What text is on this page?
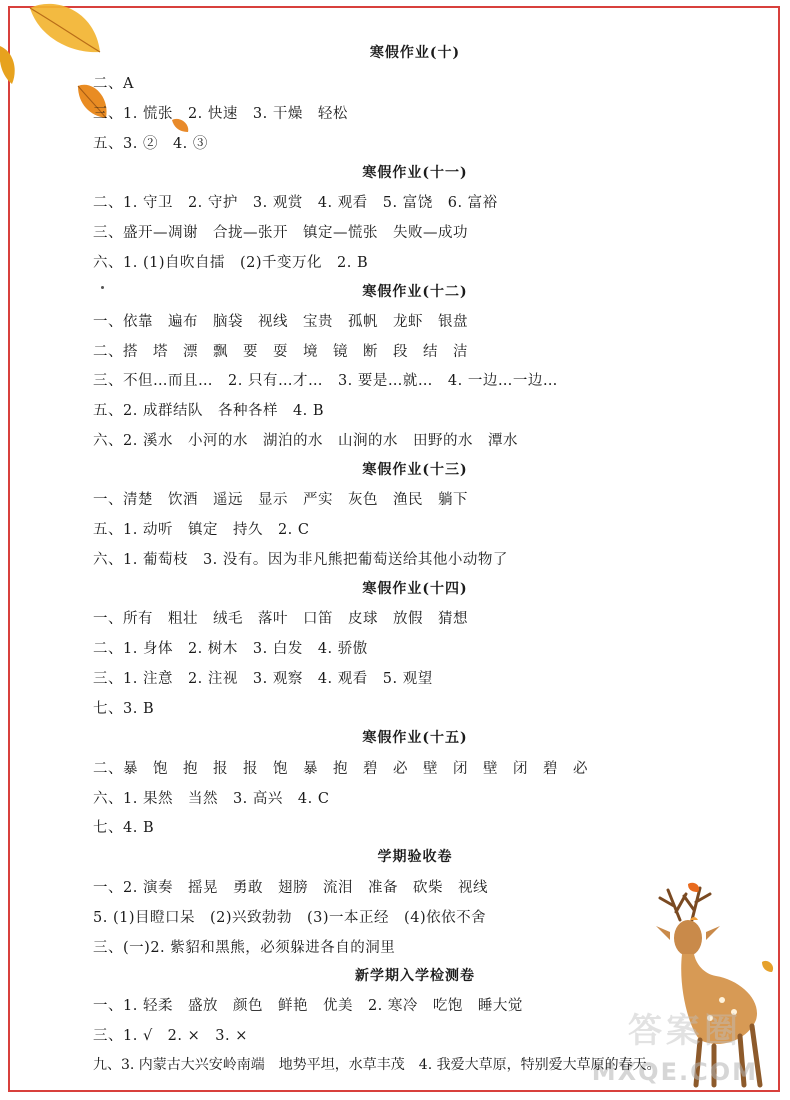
答案圈
MXQE.COM
寒假作业(十)
二、A
三、1. 慌张　2. 快速　3. 干燥　轻松
五、3. ②　4. ③
寒假作业(十一)
二、1. 守卫　2. 守护　3. 观赏　4. 观看　5. 富饶　6. 富裕
三、盛开—凋谢　合拢—张开　镇定—慌张　失败—成功
六、1. (1)自吹自擂　(2)千变万化　2. B
寒假作业(十二)
一、依靠　遍布　脑袋　视线　宝贵　孤帆　龙虾　银盘
二、搭　塔　漂　飘　要　耍　境　镜　断　段　结　洁
三、不但…而且…　2. 只有…才…　3. 要是…就…　4. 一边…一边…
五、2. 成群结队　各种各样　4. B
六、2. 溪水　小河的水　湖泊的水　山涧的水　田野的水　潭水
寒假作业(十三)
一、清楚　饮酒　遥远　显示　严实　灰色　渔民　躺下
五、1. 动听　镇定　持久　2. C
六、1. 葡萄枝　3. 没有。因为非凡熊把葡萄送给其他小动物了
寒假作业(十四)
一、所有　粗壮　绒毛　落叶　口笛　皮球　放假　猜想
二、1. 身体　2. 树木　3. 白发　4. 骄傲
三、1. 注意　2. 注视　3. 观察　4. 观看　5. 观望
七、3. B
寒假作业(十五)
二、暴　饱　抱　报　报　饱　暴　抱　碧　必　壁　闭　壁　闭　碧　必
六、1. 果然　当然　3. 高兴　4. C
七、4. B
学期验收卷
一、2. 演奏　摇晃　勇敢　翅膀　流泪　准备　砍柴　视线
5. (1)目瞪口呆　(2)兴致勃勃　(3)一本正经　(4)依依不舍
三、(一)2. 紫貂和黑熊，必须躲进各自的洞里
新学期入学检测卷
一、1. 轻柔　盛放　颜色　鲜艳　优美　2. 寒冷　吃饱　睡大觉
三、1. √　2. ×　3. ×
九、3. 内蒙古大兴安岭南端　地势平坦，水草丰茂　4. 我爱大草原，特别爱大草原的春天。
